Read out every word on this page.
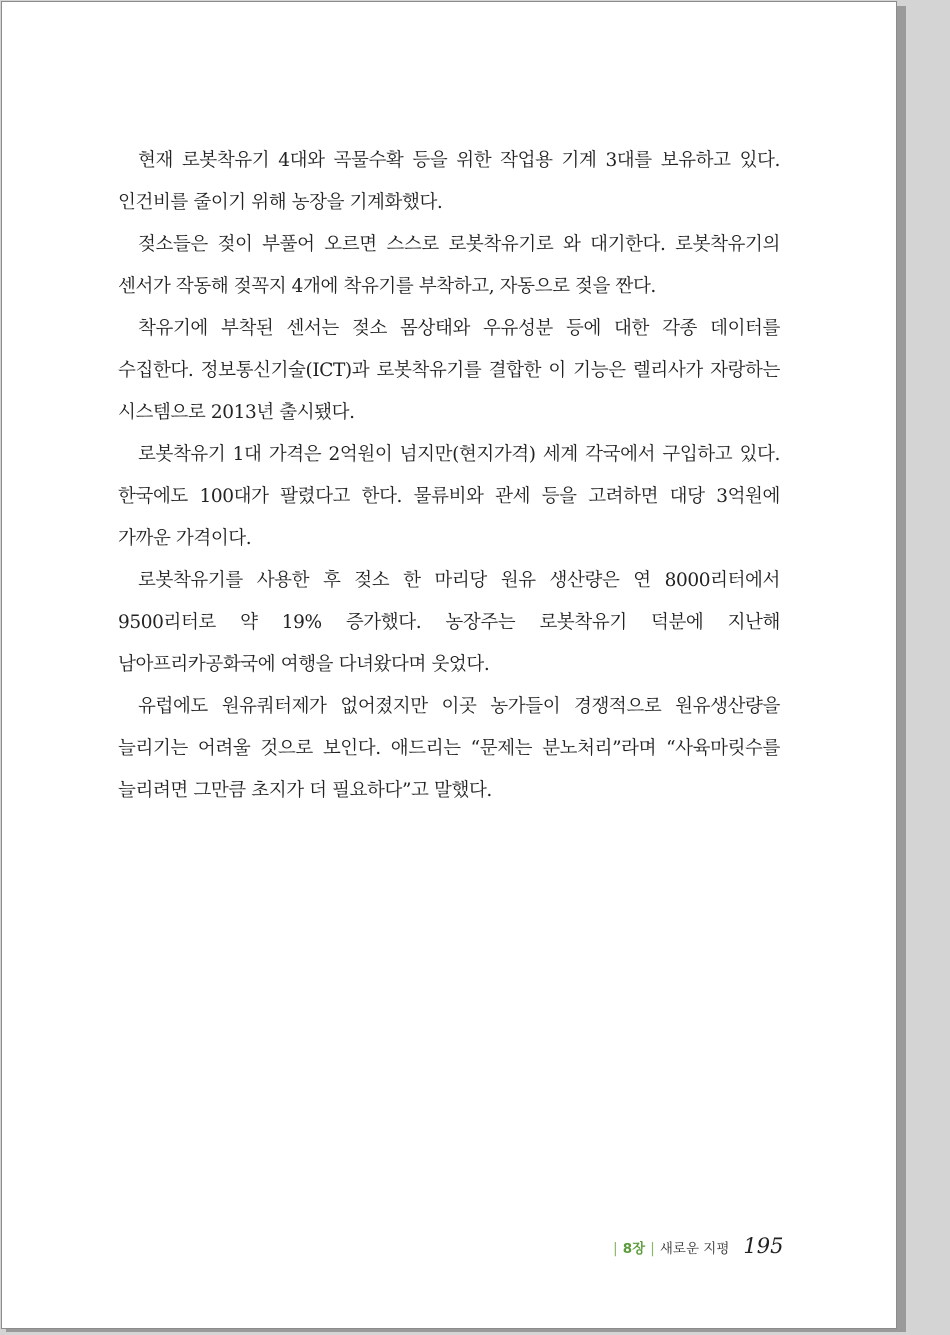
현재 로봇착유기 4대와 곡물수확 등을 위한 작업용 기계 3대를 보유하고 있다. 인건비를 줄이기 위해 농장을 기계화했다.

젖소들은 젖이 부풀어 오르면 스스로 로봇착유기로 와 대기한다. 로봇착유기의 센서가 작동해 젖꼭지 4개에 착유기를 부착하고, 자동으로 젖을 짠다.

착유기에 부착된 센서는 젖소 몸상태와 우유성분 등에 대한 각종 데이터를 수집한다. 정보통신기술(ICT)과 로봇착유기를 결합한 이 기능은 렐리사가 자랑하는 시스템으로 2013년 출시됐다.

로봇착유기 1대 가격은 2억원이 넘지만(현지가격) 세계 각국에서 구입하고 있다. 한국에도 100대가 팔렸다고 한다. 물류비와 관세 등을 고려하면 대당 3억원에 가까운 가격이다.

로봇착유기를 사용한 후 젖소 한 마리당 원유 생산량은 연 8000리터에서 9500리터로 약 19% 증가했다. 농장주는 로봇착유기 덕분에 지난해 남아프리카공화국에 여행을 다녀왔다며 웃었다.

유럽에도 원유쿼터제가 없어졌지만 이곳 농가들이 경쟁적으로 원유생산량을 늘리기는 어려울 것으로 보인다. 애드리는 “문제는 분노처리”라며 “사육마릿수를 늘리려면 그만큼 초지가 더 필요하다”고 말했다.

| 8장 | 새로운 지평 195
